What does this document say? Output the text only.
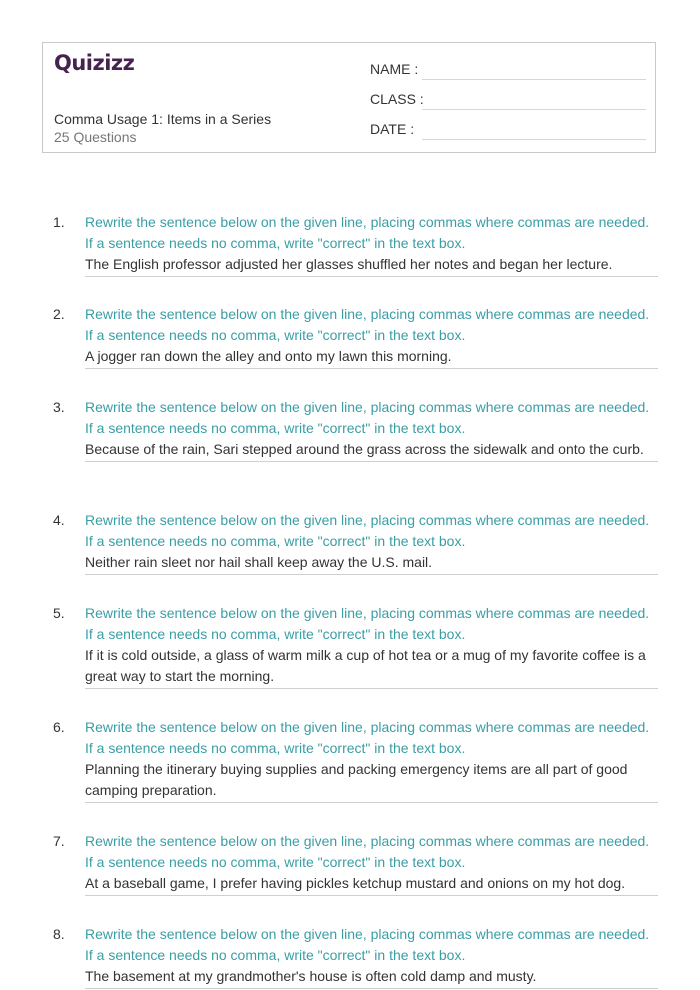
Quizizz
Comma Usage 1: Items in a Series
25 Questions
NAME :
CLASS :
DATE :
1. Rewrite the sentence below on the given line, placing commas where commas are needed. If a sentence needs no comma, write "correct" in the text box.
The English professor adjusted her glasses shuffled her notes and began her lecture.
2. Rewrite the sentence below on the given line, placing commas where commas are needed. If a sentence needs no comma, write "correct" in the text box.
A jogger ran down the alley and onto my lawn this morning.
3. Rewrite the sentence below on the given line, placing commas where commas are needed. If a sentence needs no comma, write "correct" in the text box.
Because of the rain, Sari stepped around the grass across the sidewalk and onto the curb.
4. Rewrite the sentence below on the given line, placing commas where commas are needed. If a sentence needs no comma, write "correct" in the text box.
Neither rain sleet nor hail shall keep away the U.S. mail.
5. Rewrite the sentence below on the given line, placing commas where commas are needed. If a sentence needs no comma, write "correct" in the text box.
If it is cold outside, a glass of warm milk a cup of hot tea or a mug of my favorite coffee is a great way to start the morning.
6. Rewrite the sentence below on the given line, placing commas where commas are needed. If a sentence needs no comma, write "correct" in the text box.
Planning the itinerary buying supplies and packing emergency items are all part of good camping preparation.
7. Rewrite the sentence below on the given line, placing commas where commas are needed. If a sentence needs no comma, write "correct" in the text box.
At a baseball game, I prefer having pickles ketchup mustard and onions on my hot dog.
8. Rewrite the sentence below on the given line, placing commas where commas are needed. If a sentence needs no comma, write "correct" in the text box.
The basement at my grandmother's house is often cold damp and musty.
